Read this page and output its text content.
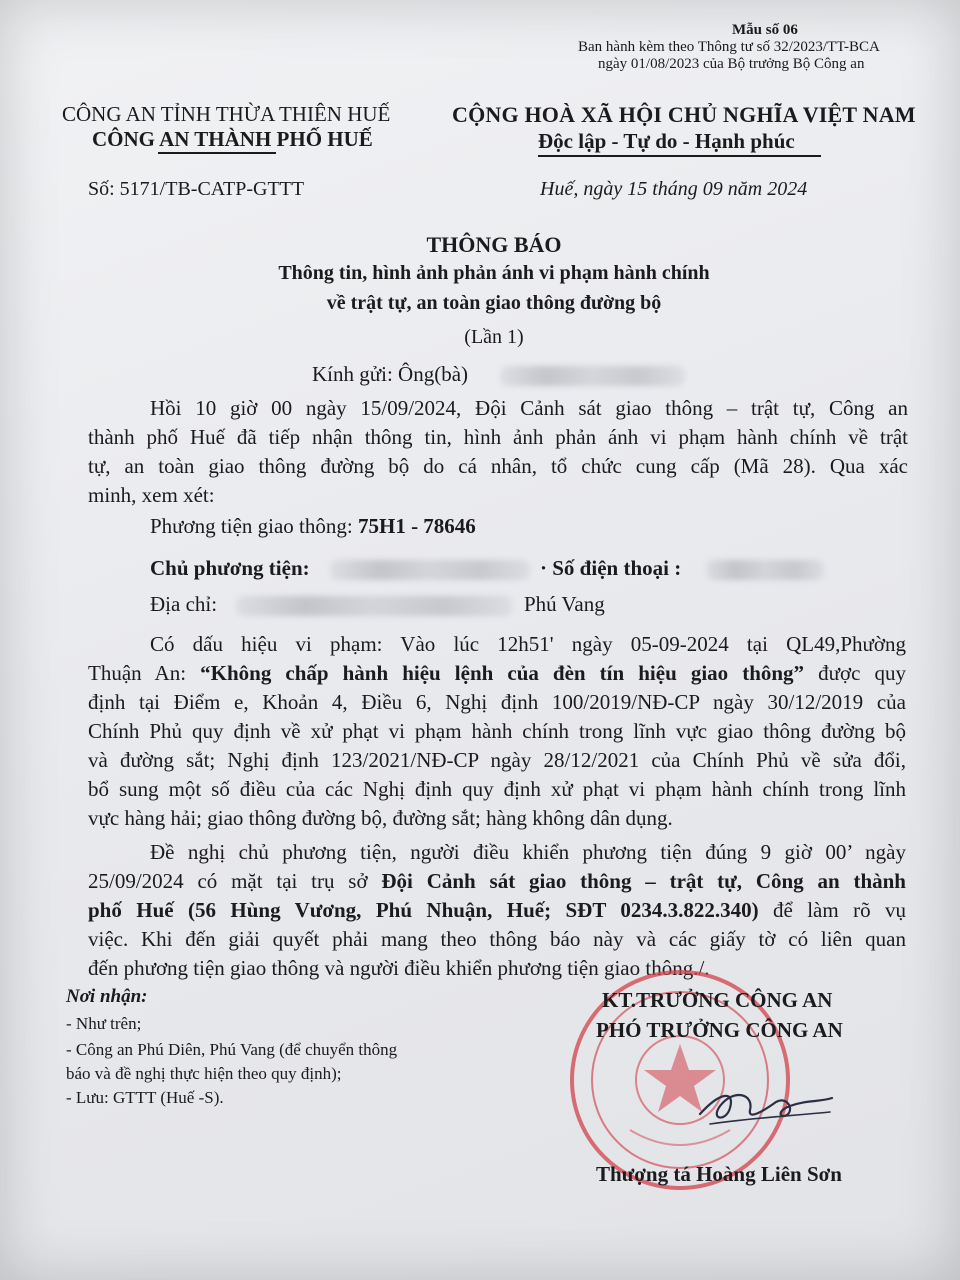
Mẫu số 06
Ban hành kèm theo Thông tư số 32/2023/TT-BCA
ngày 01/08/2023 của Bộ trưởng Bộ Công an
CÔNG AN TỈNH THỪA THIÊN HUẾ
CÔNG AN THÀNH PHỐ HUẾ
CỘNG HOÀ XÃ HỘI CHỦ NGHĨA VIỆT NAM
Độc lập - Tự do - Hạnh phúc
Số: 5171/TB-CATP-GTTT	Huế, ngày 15 tháng 09 năm 2024
THÔNG BÁO
Thông tin, hình ảnh phản ánh vi phạm hành chính
về trật tự, an toàn giao thông đường bộ
(Lần 1)
Kính gửi: Ông(bà)
Hồi 10 giờ 00 ngày 15/09/2024, Đội Cảnh sát giao thông – trật tự, Công an
thành phố Huế đã tiếp nhận thông tin, hình ảnh phản ánh vi phạm hành chính về trật
tự, an toàn giao thông đường bộ do cá nhân, tổ chức cung cấp (Mã 28). Qua xác
minh, xem xét:
Phương tiện giao thông: 75H1 - 78646
Chủ phương tiện:	· Số điện thoại :
Địa chỉ:	Phú Vang
Có dấu hiệu vi phạm: Vào lúc 12h51' ngày 05-09-2024 tại QL49,Phường
Thuận An: “Không chấp hành hiệu lệnh của đèn tín hiệu giao thông” được quy
định tại Điểm e, Khoản 4, Điều 6, Nghị định 100/2019/NĐ-CP ngày 30/12/2019 của
Chính Phủ quy định về xử phạt vi phạm hành chính trong lĩnh vực giao thông đường bộ
và đường sắt; Nghị định 123/2021/NĐ-CP ngày 28/12/2021 của Chính Phủ về sửa đổi,
bổ sung một số điều của các Nghị định quy định xử phạt vi phạm hành chính trong lĩnh
vực hàng hải; giao thông đường bộ, đường sắt; hàng không dân dụng.
Đề nghị chủ phương tiện, người điều khiển phương tiện đúng 9 giờ 00’ ngày
25/09/2024 có mặt tại trụ sở Đội Cảnh sát giao thông – trật tự, Công an thành
phố Huế (56 Hùng Vương, Phú Nhuận, Huế; SĐT 0234.3.822.340) để làm rõ vụ
việc. Khi đến giải quyết phải mang theo thông báo này và các giấy tờ có liên quan
đến phương tiện giao thông và người điều khiển phương tiện giao thông./.
Nơi nhận:
- Như trên;
- Công an Phú Diên, Phú Vang (để chuyển thông
báo và đề nghị thực hiện theo quy định);
- Lưu: GTTT (Huế -S).
KT.TRƯỞNG CÔNG AN
PHÓ TRƯỞNG CÔNG AN
Thượng tá Hoàng Liên Sơn
